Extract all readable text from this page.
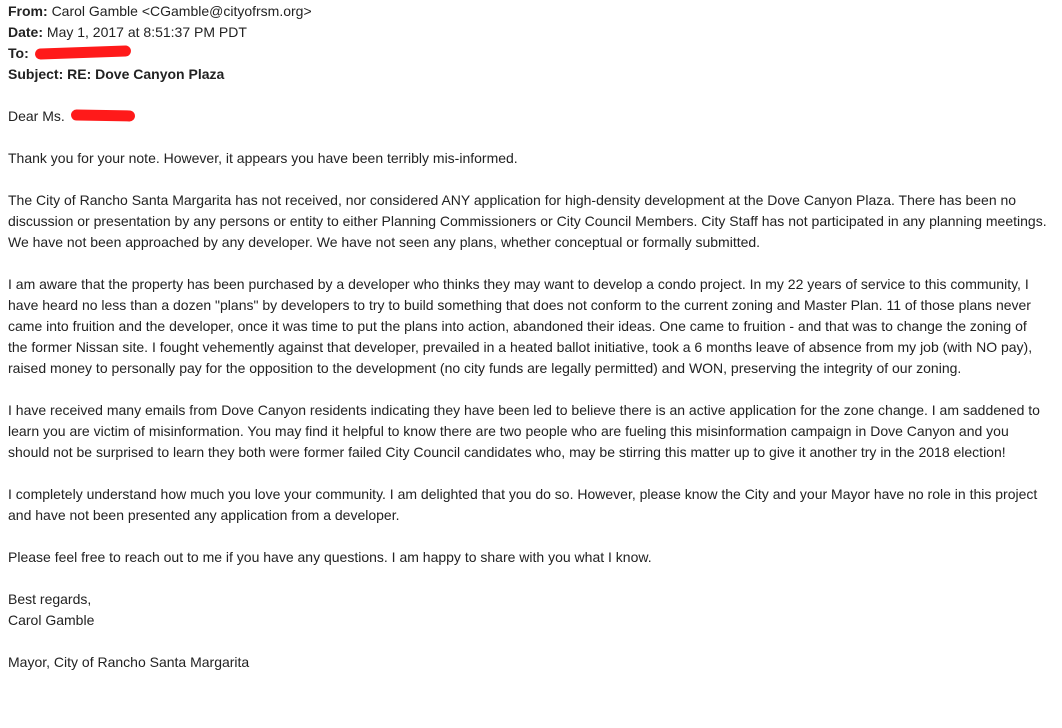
From: Carol Gamble <CGamble@cityofrsm.org>
Date: May 1, 2017 at 8:51:37 PM PDT
To:
Subject: RE: Dove Canyon Plaza
Dear Ms.

Thank you for your note. However, it appears you have been terribly mis-informed.

The City of Rancho Santa Margarita has not received, nor considered ANY application for high-density development at the Dove Canyon Plaza. There has been no discussion or presentation by any persons or entity to either Planning Commissioners or City Council Members. City Staff has not participated in any planning meetings. We have not been approached by any developer. We have not seen any plans, whether conceptual or formally submitted.

I am aware that the property has been purchased by a developer who thinks they may want to develop a condo project. In my 22 years of service to this community, I have heard no less than a dozen "plans" by developers to try to build something that does not conform to the current zoning and Master Plan. 11 of those plans never came into fruition and the developer, once it was time to put the plans into action, abandoned their ideas. One came to fruition - and that was to change the zoning of the former Nissan site. I fought vehemently against that developer, prevailed in a heated ballot initiative, took a 6 months leave of absence from my job (with NO pay), raised money to personally pay for the opposition to the development (no city funds are legally permitted) and WON, preserving the integrity of our zoning.

I have received many emails from Dove Canyon residents indicating they have been led to believe there is an active application for the zone change. I am saddened to learn you are victim of misinformation. You may find it helpful to know there are two people who are fueling this misinformation campaign in Dove Canyon and you should not be surprised to learn they both were former failed City Council candidates who, may be stirring this matter up to give it another try in the 2018 election!

I completely understand how much you love your community. I am delighted that you do so. However, please know the City and your Mayor have no role in this project and have not been presented any application from a developer.

Please feel free to reach out to me if you have any questions. I am happy to share with you what I know.

Best regards,
Carol Gamble
Mayor, City of Rancho Santa Margarita
